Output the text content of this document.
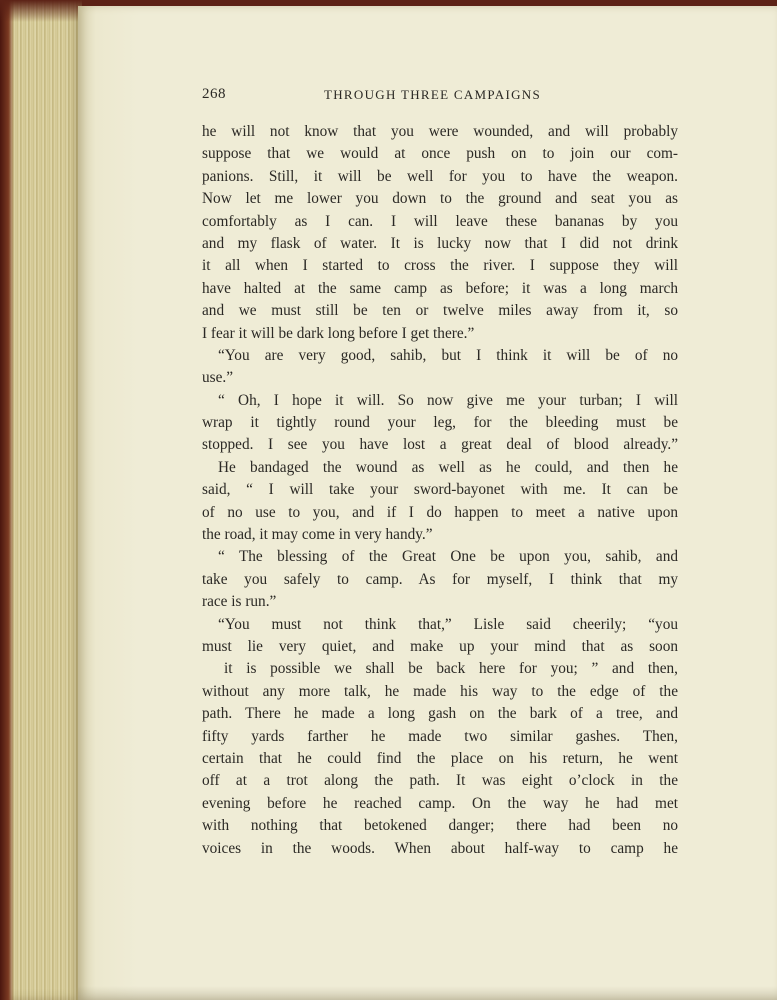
268	THROUGH THREE CAMPAIGNS
he will not know that you were wounded, and will probably
suppose that we would at once push on to join our com-
panions. Still, it will be well for you to have the weapon.
Now let me lower you down to the ground and seat you as
comfortably as I can. I will leave these bananas by you
and my flask of water. It is lucky now that I did not drink
it all when I started to cross the river. I suppose they will
have halted at the same camp as before; it was a long march
and we must still be ten or twelve miles away from it, so
I fear it will be dark long before I get there.”
“You are very good, sahib, but I think it will be of no
use.”
“ Oh, I hope it will. So now give me your turban; I will
wrap it tightly round your leg, for the bleeding must be
stopped. I see you have lost a great deal of blood already.”
He bandaged the wound as well as he could, and then he
said, “ I will take your sword-bayonet with me. It can be
of no use to you, and if I do happen to meet a native upon
the road, it may come in very handy.”
“ The blessing of the Great One be upon you, sahib, and
take you safely to camp. As for myself, I think that my
race is run.”
“You must not think that,” Lisle said cheerily; “you
must lie very quiet, and make up your mind that as soon
it is possible we shall be back here for you; ” and then,
without any more talk, he made his way to the edge of the
path. There he made a long gash on the bark of a tree, and
fifty yards farther he made two similar gashes. Then,
certain that he could find the place on his return, he went
off at a trot along the path. It was eight o’clock in the
evening before he reached camp. On the way he had met
with nothing that betokened danger; there had been no
voices in the woods. When about half-way to camp he
